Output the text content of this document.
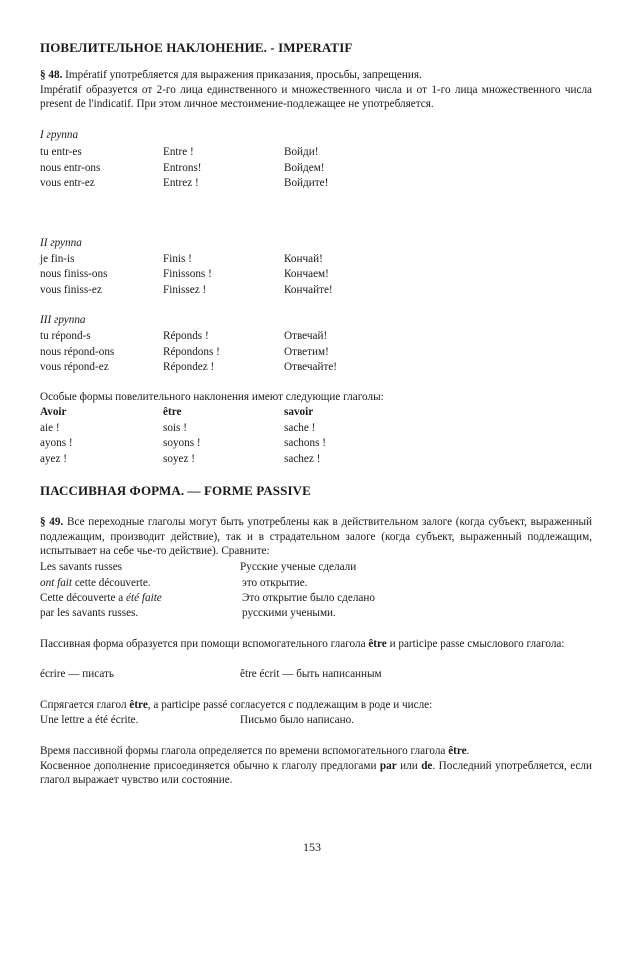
ПОВЕЛИТЕЛЬНОЕ НАКЛОНЕНИЕ. - IMPERATIF
§ 48. Impératif употребляется для выражения приказания, просьбы, запрещения.
Impératif образуется от 2-го лица единственного и множественного числа и от 1-го лица множественного числа present de l'indicatif. При этом личное местоимение-подлежащее не употребляется.
I группа
tu entr-es	Entre !	Войди!
nous entr-ons	Entrons!	Войдем!
vous entr-ez	Entrez !	Войдите!
II группа
je fin-is	Finis !	Кончай!
nous finiss-ons	Finissons !	Кончаем!
vous finiss-ez	Finissez !	Кончайте!
III группа
tu répond-s	Réponds !	Отвечай!
nous répond-ons	Répondons !	Ответим!
vous répond-ez	Répondez !	Отвечайте!
Особые формы повелительного наклонения имеют следующие глаголы:
Avoir	être	savoir
aie !	sois !	sache !
ayons !	soyons !	sachons !
ayez !	soyez !	sachez !
ПАССИВНАЯ ФОРМА. — FORME PASSIVE
§ 49. Все переходные глаголы могут быть употреблены как в действительном залоге (когда субъект, выраженный подлежащим, производит действие), так и в страдательном залоге (когда субъект, выраженный подлежащим, испытывает на себе чье-то действие). Сравните:
Les savants russes	Русские ученые сделали
ont fait cette découverte.	это открытие.
Cette découverte a été faite	Это открытие было сделано
par les savants russes.	русскими учеными.
Пассивная форма образуется при помощи вспомогательного глагола être и participe passe смыслового глагола:
écrire — писать	être écrit — быть написанным
Спрягается глагол être, а participe passé согласуется с подлежащим в роде и числе:
Une lettre a été écrite.	Письмо было написано.
Время пассивной формы глагола определяется по времени вспомогательного глагола être.
Косвенное дополнение присоединяется обычно к глаголу предлогами par или de. Последний употребляется, если глагол выражает чувство или состояние.
153
